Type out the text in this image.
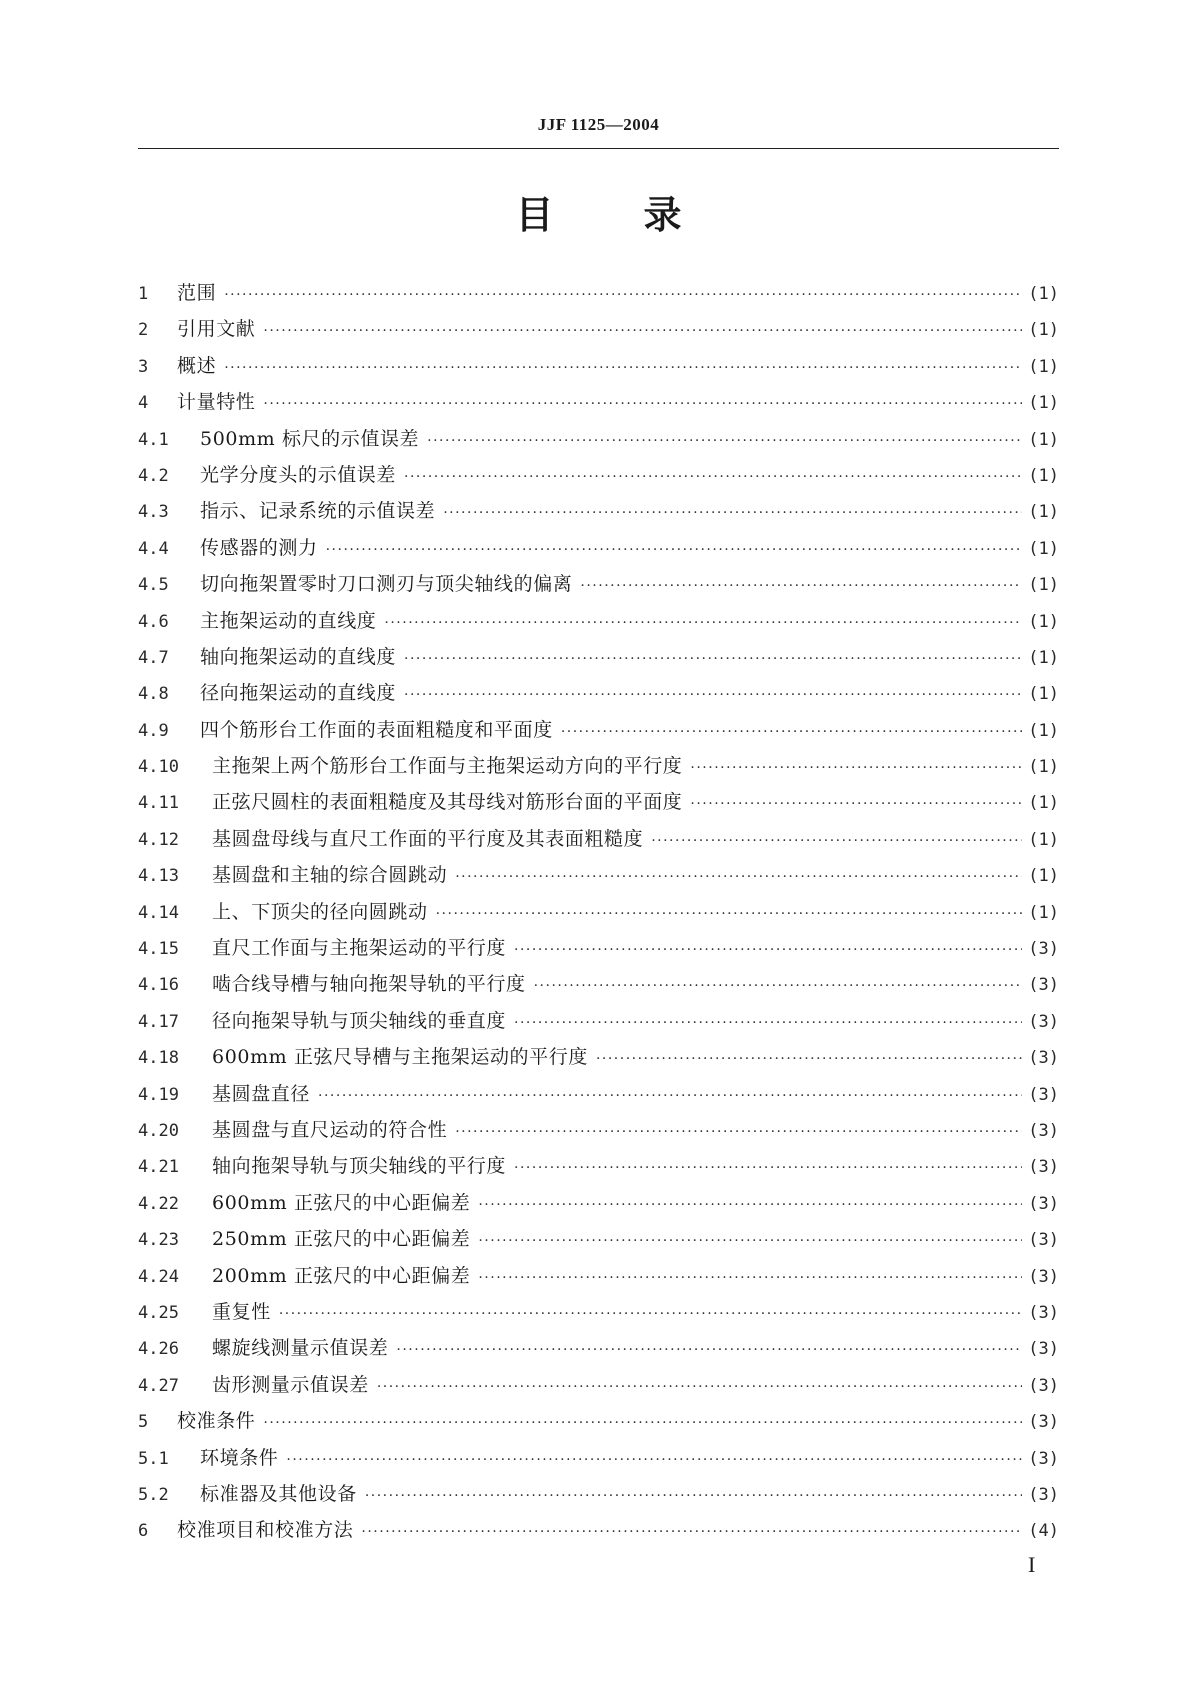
JJF 1125—2004
目 录
1	范围 ·····	(1)
2	引用文献 ·····	(1)
3	概述 ·····	(1)
4	计量特性 ·····	(1)
4.1	500mm 标尺的示值误差 ·····	(1)
4.2	光学分度头的示值误差 ·····	(1)
4.3	指示、记录系统的示值误差 ·····	(1)
4.4	传感器的测力 ·····	(1)
4.5	切向拖架置零时刀口测刃与顶尖轴线的偏离 ·····	(1)
4.6	主拖架运动的直线度 ·····	(1)
4.7	轴向拖架运动的直线度 ·····	(1)
4.8	径向拖架运动的直线度 ·····	(1)
4.9	四个筋形台工作面的表面粗糙度和平面度 ·····	(1)
4.10	主拖架上两个筋形台工作面与主拖架运动方向的平行度 ·····	(1)
4.11	正弦尺圆柱的表面粗糙度及其母线对筋形台面的平面度 ·····	(1)
4.12	基圆盘母线与直尺工作面的平行度及其表面粗糙度 ·····	(1)
4.13	基圆盘和主轴的综合圆跳动 ·····	(1)
4.14	上、下顶尖的径向圆跳动 ·····	(1)
4.15	直尺工作面与主拖架运动的平行度 ·····	(3)
4.16	啮合线导槽与轴向拖架导轨的平行度 ·····	(3)
4.17	径向拖架导轨与顶尖轴线的垂直度 ·····	(3)
4.18	600mm 正弦尺导槽与主拖架运动的平行度 ·····	(3)
4.19	基圆盘直径 ·····	(3)
4.20	基圆盘与直尺运动的符合性 ·····	(3)
4.21	轴向拖架导轨与顶尖轴线的平行度 ·····	(3)
4.22	600mm 正弦尺的中心距偏差 ·····	(3)
4.23	250mm 正弦尺的中心距偏差 ·····	(3)
4.24	200mm 正弦尺的中心距偏差 ·····	(3)
4.25	重复性 ·····	(3)
4.26	螺旋线测量示值误差 ·····	(3)
4.27	齿形测量示值误差 ·····	(3)
5	校准条件 ·····	(3)
5.1	环境条件 ·····	(3)
5.2	标准器及其他设备 ·····	(3)
6	校准项目和校准方法 ·····	(4)
I
